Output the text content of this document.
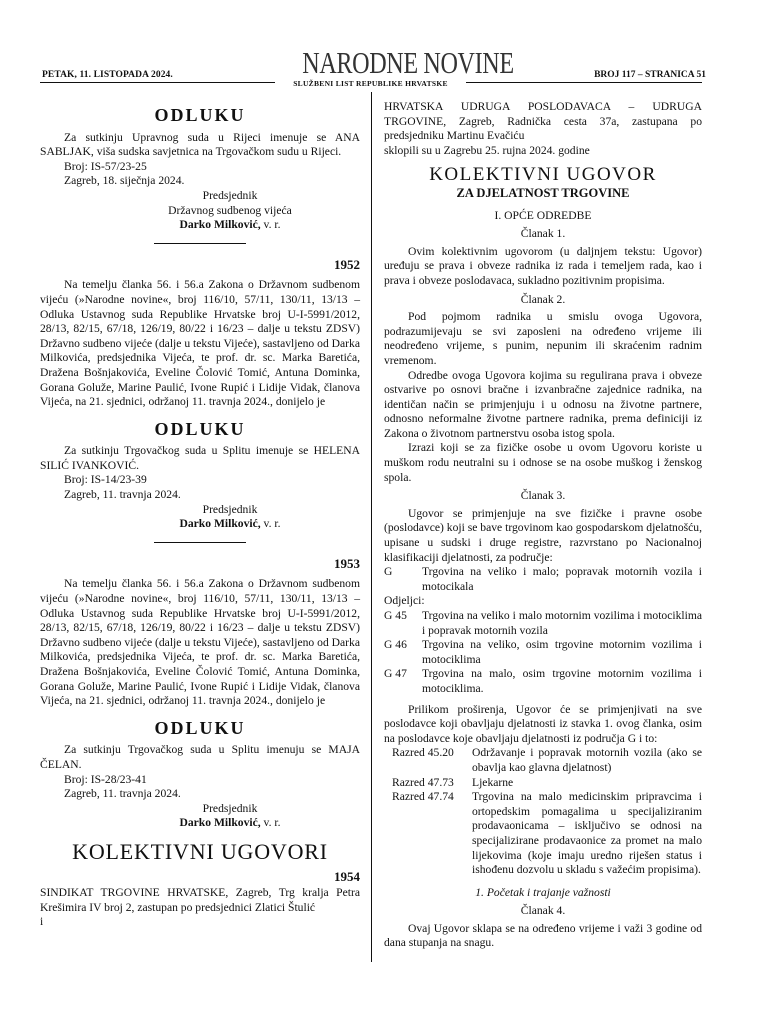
PETAK, 11. LISTOPADA 2024.	NARODNE NOVINE
SLUŽBENI LIST REPUBLIKE HRVATSKE
BROJ 117 – STRANICA 51
ODLUKU

Za sutkinju Upravnog suda u Rijeci imenuje se ANA SABLJAK, viša sudska savjetnica na Trgovačkom sudu u Rijeci.

Broj: IS-57/23-25

Zagreb, 18. siječnja 2024.

Predsjednik

Državnog sudbenog vijeća

Darko Milković, v. r.

1952

Na temelju članka 56. i 56.a Zakona o Državnom sudbenom vijeću (»Narodne novine«, broj 116/10, 57/11, 130/11, 13/13 – Odluka Ustavnog suda Republike Hrvatske broj U-I-5991/2012, 28/13, 82/15, 67/18, 126/19, 80/22 i 16/23 – dalje u tekstu ZDSV) Državno sudbeno vijeće (dalje u tekstu Vijeće), sastavljeno od Darka Milkovića, predsjednika Vijeća, te prof. dr. sc. Marka Baretića, Dražena Bošnjakovića, Eveline Čolović Tomić, Antuna Dominka, Gorana Goluže, Marine Paulić, Ivone Rupić i Lidije Vidak, članova Vijeća, na 21. sjednici, održanoj 11. travnja 2024., donijelo je

ODLUKU

Za sutkinju Trgovačkog suda u Splitu imenuje se HELENA SILIĆ IVANKOVIĆ.

Broj: IS-14/23-39

Zagreb, 11. travnja 2024.

Predsjednik

Darko Milković, v. r.

1953

Na temelju članka 56. i 56.a Zakona o Državnom sudbenom vijeću (»Narodne novine«, broj 116/10, 57/11, 130/11, 13/13 – Odluka Ustavnog suda Republike Hrvatske broj U-I-5991/2012, 28/13, 82/15, 67/18, 126/19, 80/22 i 16/23 – dalje u tekstu ZDSV) Državno sudbeno vijeće (dalje u tekstu Vijeće), sastavljeno od Darka Milkovića, predsjednika Vijeća, te prof. dr. sc. Marka Baretića, Dražena Bošnjakovića, Eveline Čolović Tomić, Antuna Dominka, Gorana Goluže, Marine Paulić, Ivone Rupić i Lidije Vidak, članova Vijeća, na 21. sjednici, održanoj 11. travnja 2024., donijelo je

ODLUKU

Za sutkinju Trgovačkog suda u Splitu imenuju se MAJA ČELAN.

Broj: IS-28/23-41

Zagreb, 11. travnja 2024.

Predsjednik

Darko Milković, v. r.

KOLEKTIVNI UGOVORI
1954

SINDIKAT TRGOVINE HRVATSKE, Zagreb, Trg kralja Petra Krešimira IV broj 2, zastupan po predsjednici Zlatici Štulić

i

HRVATSKA UDRUGA POSLODAVACA – UDRUGA TRGOVINE, Zagreb, Radnička cesta 37a, zastupana po predsjedniku Martinu Evačiću

sklopili su u Zagrebu 25. rujna 2024. godine

KOLEKTIVNI UGOVOR
ZA DJELATNOST TRGOVINE

I. OPĆE ODREDBE

Članak 1.

Ovim kolektivnim ugovorom (u daljnjem tekstu: Ugovor) uređuju se prava i obveze radnika iz rada i temeljem rada, kao i prava i obveze poslodavaca, sukladno pozitivnim propisima.

Članak 2.

Pod pojmom radnika u smislu ovoga Ugovora, podrazumijevaju se svi zaposleni na određeno vrijeme ili neodređeno vrijeme, s punim, nepunim ili skraćenim radnim vremenom.

Odredbe ovoga Ugovora kojima su regulirana prava i obveze ostvarive po osnovi bračne i izvanbračne zajednice radnika, na identičan način se primjenjuju i u odnosu na životne partnere, odnosno neformalne životne partnere radnika, prema definiciji iz Zakona o životnom partnerstvu osoba istog spola.

Izrazi koji se za fizičke osobe u ovom Ugovoru koriste u muškom rodu neutralni su i odnose se na osobe muškog i ženskog spola.

Članak 3.

Ugovor se primjenjuje na sve fizičke i pravne osobe (poslodavce) koji se bave trgovinom kao gospodarskom djelatnošću, upisane u sudski i druge registre, razvrstano po Nacionalnoj klasifikaciji djelatnosti, za područje:

G	Trgovina na veliko i malo; popravak motornih vozila i motocikala

Odjeljci:

G 45	Trgovina na veliko i malo motornim vozilima i motociklima i popravak motornih vozila
G 46	Trgovina na veliko, osim trgovine motornim vozilima i motociklima
G 47	Trgovina na malo, osim trgovine motornim vozilima i motociklima.

Prilikom proširenja, Ugovor će se primjenjivati na sve poslodavce koji obavljaju djelatnosti iz stavka 1. ovog članka, osim na poslodavce koje obavljaju djelatnosti iz područja G i to:

Razred 45.20	Održavanje i popravak motornih vozila (ako se obavlja kao glavna djelatnost)
Razred 47.73	Ljekarne
Razred 47.74	Trgovina na malo medicinskim pripravcima i ortopedskim pomagalima u specijaliziranim prodavaonicama – isključivo se odnosi na specijalizirane prodavaonice za promet na malo lijekovima (koje imaju uredno riješen status i ishođenu dozvolu u skladu s važećim propisima).

1. Početak i trajanje važnosti

Članak 4.

Ovaj Ugovor sklapa se na određeno vrijeme i važi 3 godine od dana stupanja na snagu.
